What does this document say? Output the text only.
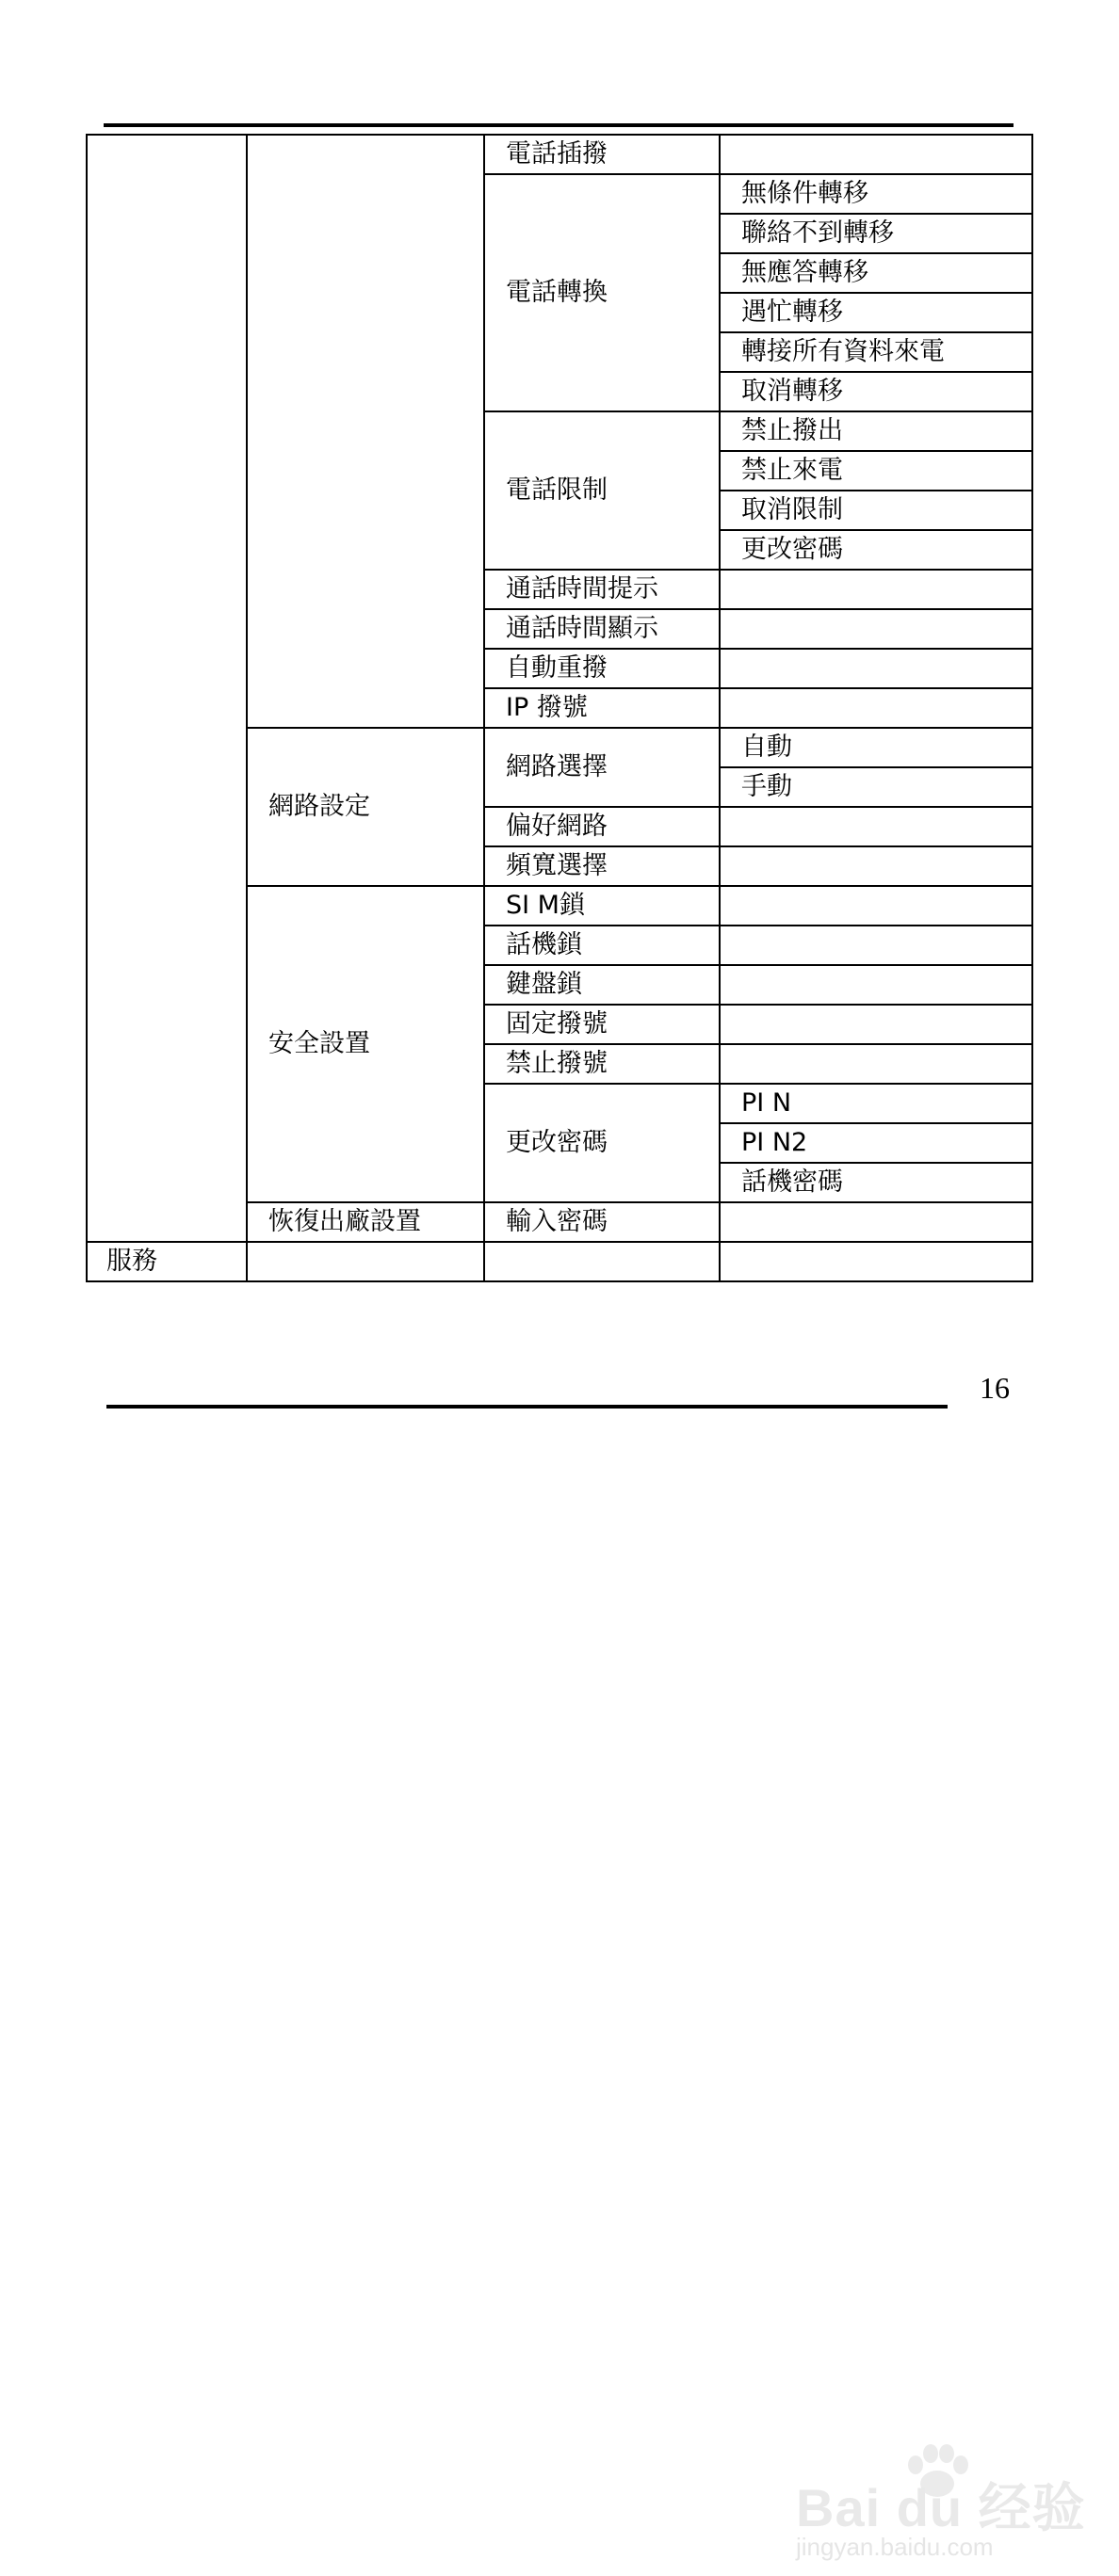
		電話插撥	
		電話轉換	無條件轉移
			聯絡不到轉移
			無應答轉移
			遇忙轉移
			轉接所有資料來電
			取消轉移
		電話限制	禁止撥出
			禁止來電
			取消限制
			更改密碼
		通話時間提示	
		通話時間顯示	
		自動重撥	
		IP 撥號	
	網路設定	網路選擇	自動
			手動
		偏好網路	
		頻寬選擇	
	安全設置	SI M鎖	
		話機鎖	
		鍵盤鎖	
		固定撥號	
		禁止撥號	
		更改密碼	PI N
			PI N2
			話機密碼
	恢復出廠設置	輸入密碼	
服務			
16
Bai du 经验
jingyan.baidu.com
